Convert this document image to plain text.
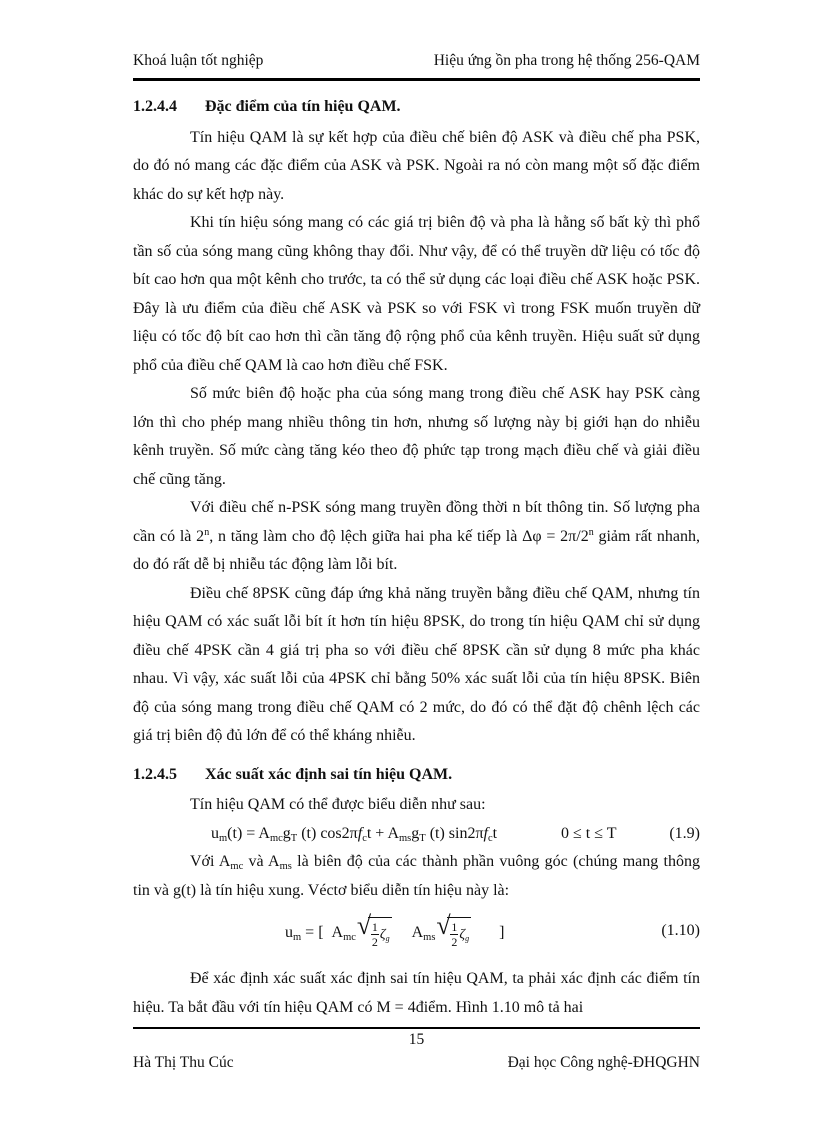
Khoá luận tốt nghiệp	Hiệu ứng ồn pha trong hệ thống 256-QAM
1.2.4.4 Đặc điểm của tín hiệu QAM.

Tín hiệu QAM là sự kết hợp của điều chế biên độ ASK và điều chế pha PSK, do đó nó mang các đặc điểm của ASK và PSK. Ngoài ra nó còn mang một số đặc điểm khác do sự kết hợp này.

Khi tín hiệu sóng mang có các giá trị biên độ và pha là hằng số bất kỳ thì phổ tần số của sóng mang cũng không thay đổi. Như vậy, để có thể truyền dữ liệu có tốc độ bít cao hơn qua một kênh cho trước, ta có thể sử dụng các loại điều chế ASK hoặc PSK. Đây là ưu điểm của điều chế ASK và PSK so với FSK vì trong FSK muốn truyền dữ liệu có tốc độ bít cao hơn thì cần tăng độ rộng phổ của kênh truyền. Hiệu suất sử dụng phổ của điều chế QAM là cao hơn điều chế FSK.

Số mức biên độ hoặc pha của sóng mang trong điều chế ASK hay PSK càng lớn thì cho phép mang nhiều thông tin hơn, nhưng số lượng này bị giới hạn do nhiễu kênh truyền. Số mức càng tăng kéo theo độ phức tạp trong mạch điều chế và giải điều chế cũng tăng.

Với điều chế n-PSK sóng mang truyền đồng thời n bít thông tin. Số lượng pha cần có là 2$^n$, n tăng làm cho độ lệch giữa hai pha kế tiếp là $\Delta\varphi = 2\pi/2^n$ giảm rất nhanh, do đó rất dễ bị nhiễu tác động làm lỗi bít.

Điều chế 8PSK cũng đáp ứng khả năng truyền bằng điều chế QAM, nhưng tín hiệu QAM có xác suất lỗi bít ít hơn tín hiệu 8PSK, do trong tín hiệu QAM chỉ sử dụng điều chế 4PSK cần 4 giá trị pha so với điều chế 8PSK cần sử dụng 8 mức pha khác nhau. Vì vậy, xác suất lỗi của 4PSK chỉ bằng 50% xác suất lỗi của tín hiệu 8PSK. Biên độ của sóng mang trong điều chế QAM có 2 mức, do đó có thể đặt độ chênh lệch các giá trị biên độ đủ lớn để có thể kháng nhiễu.

1.2.4.5 Xác suất xác định sai tín hiệu QAM.

Tín hiệu QAM có thể được biểu diễn như sau:

$u_m(t) = A_{mc}g_T$ (t) $\cos 2\pi f_ct + A_{ms}g_T$ (t) $\sin 2\pi f_ct$	0 ≤ t ≤ T	(1.9)

Với $A_{mc}$ và $A_{ms}$ là biên độ của các thành phần vuông góc (chúng mang thông tin và g(t) là tín hiệu xung. Véctơ biểu diễn tín hiệu này là:

$u_m$ = [  $A_{mc}$ √ $\frac{1}{2} \zeta_g$ $A_{ms}$ √ $\frac{1}{2} \zeta_g$ ]	(1.10)

Để xác định xác suất xác định sai tín hiệu QAM, ta phải xác định các điểm tín hiệu. Ta bắt đầu với tín hiệu QAM có M = 4điểm. Hình 1.10 mô tả hai

15
Hà Thị Thu Cúc	Đại học Công nghệ-ĐHQGHN
